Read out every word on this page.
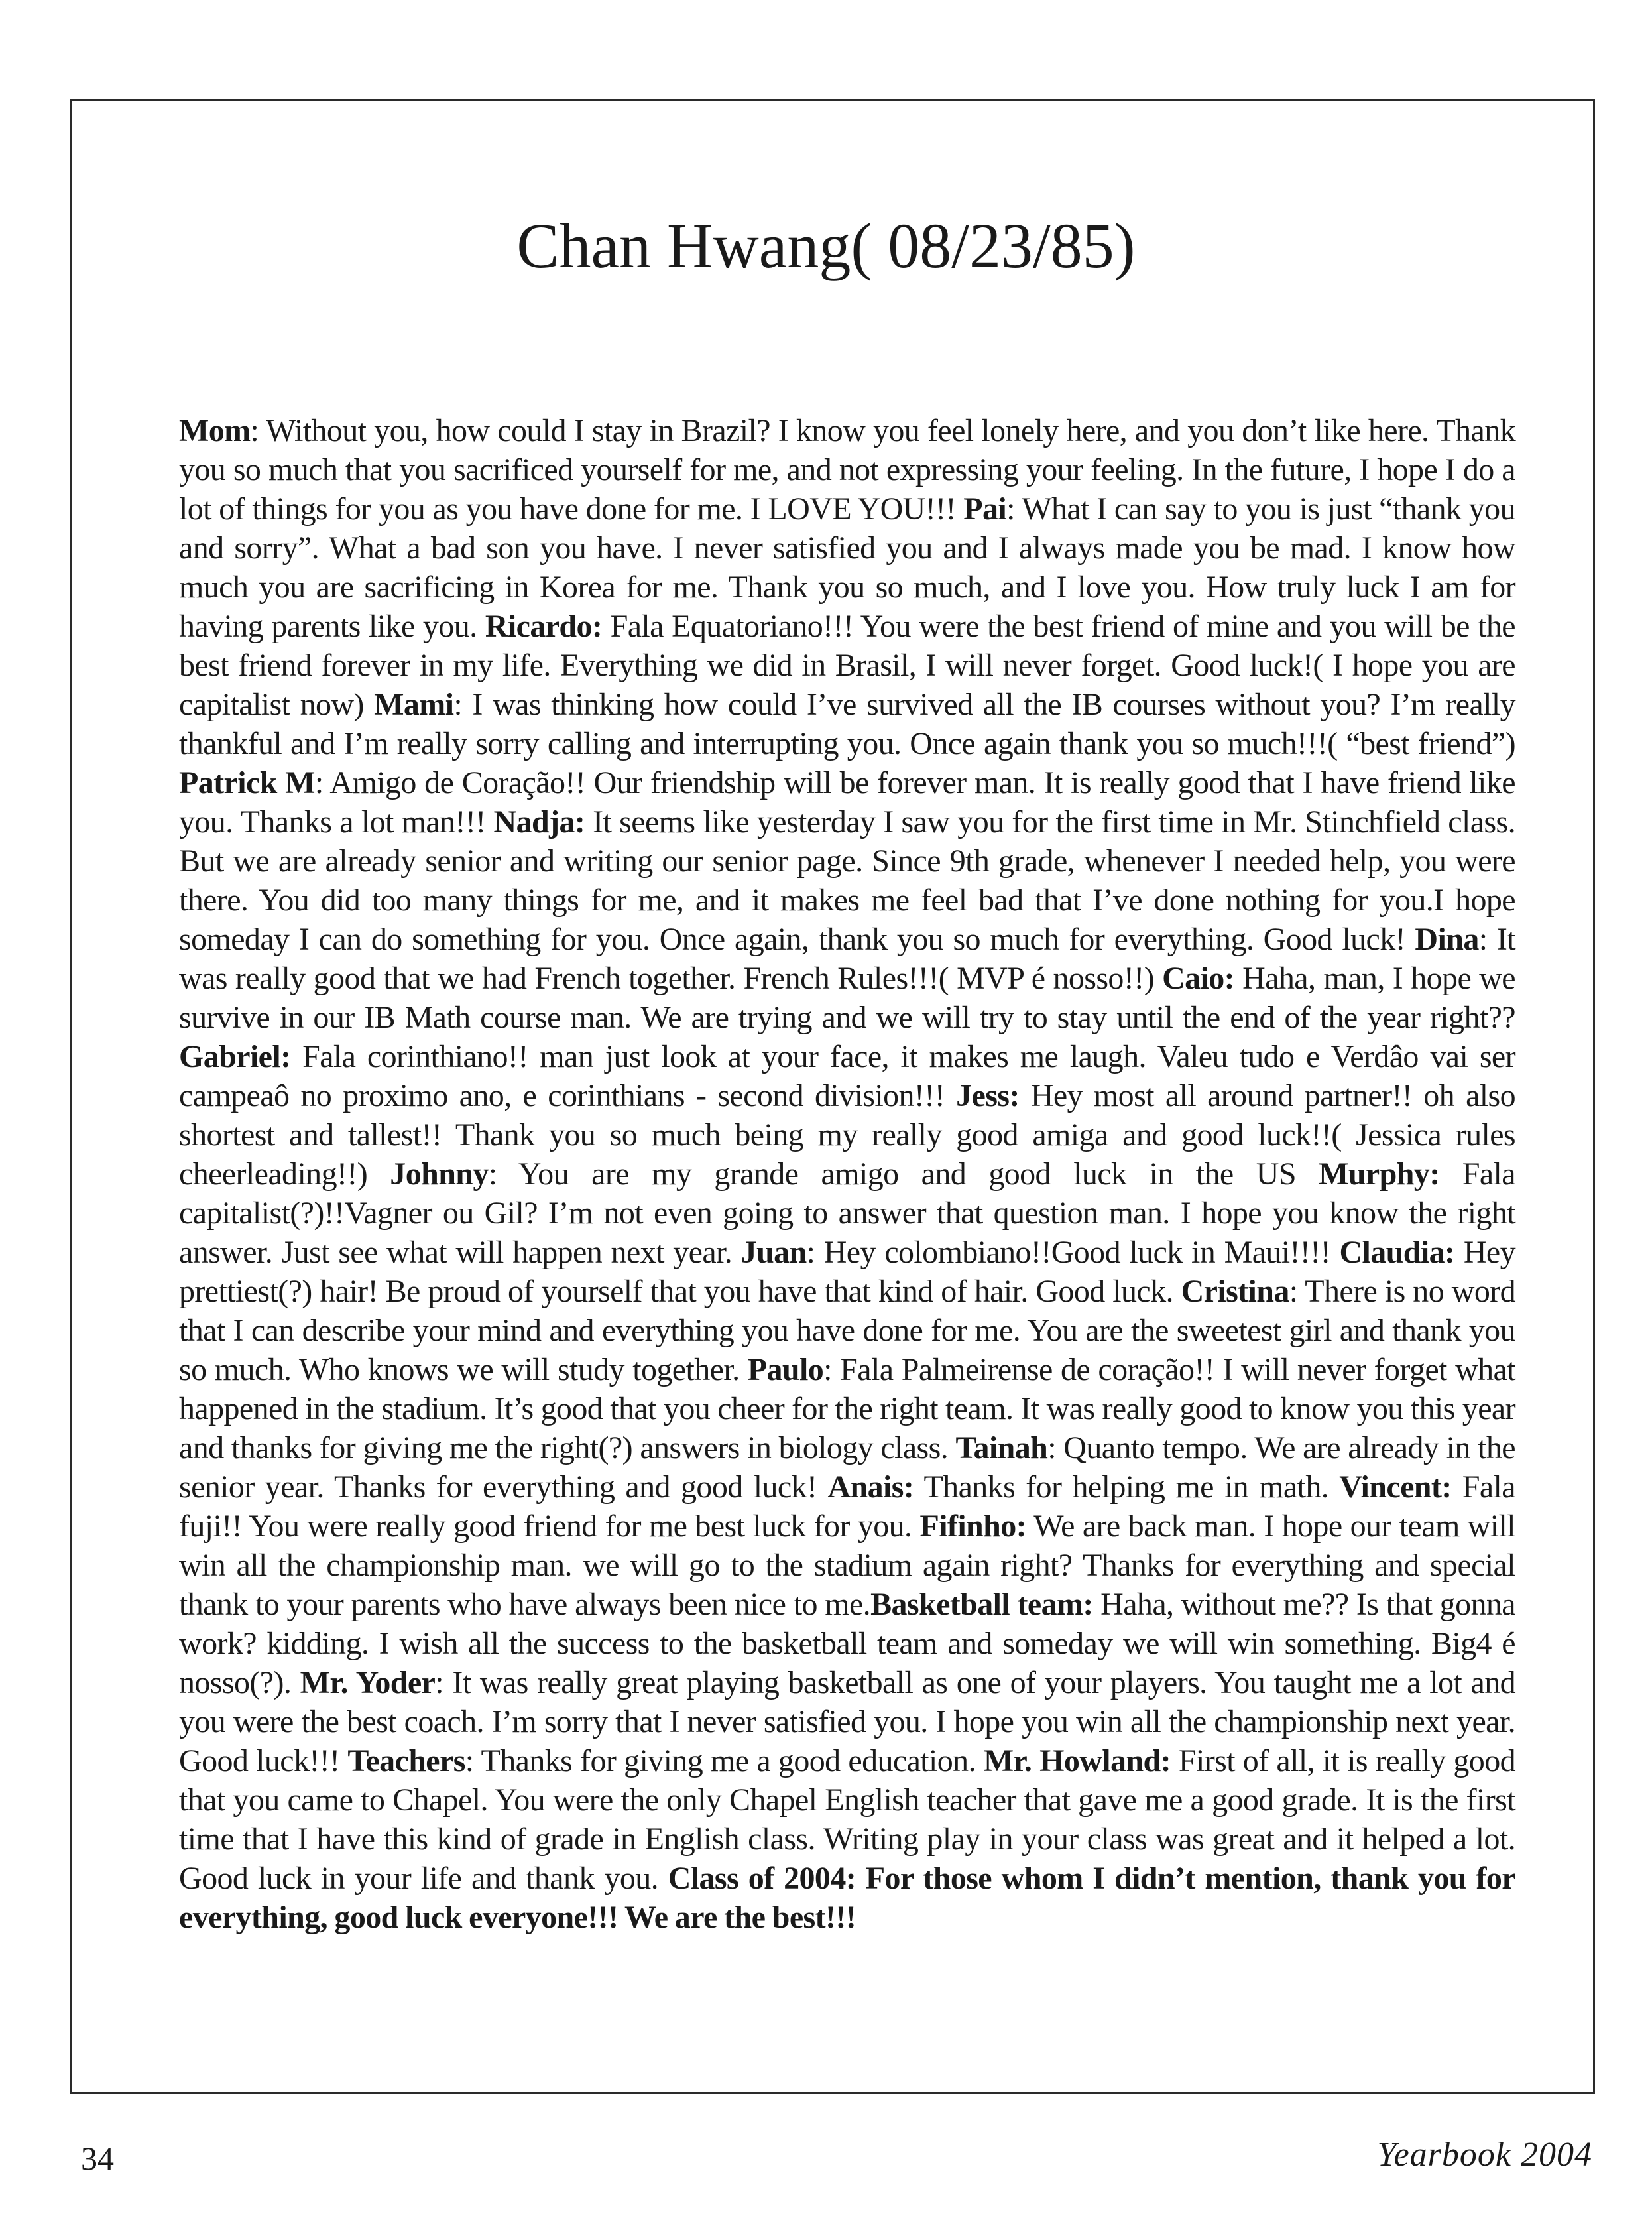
Chan Hwang( 08/23/85)
Mom: Without you, how could I stay in Brazil? I know you feel lonely here, and you don’t like here. Thank you so much that you sacrificed yourself for me, and not expressing your feeling. In the future, I hope I do a lot of things for you as you have done for me. I LOVE YOU!!! Pai: What I can say to you is just “thank you and sorry”. What a bad son you have. I never satisfied you and I always made you be mad. I know how much you are sacrificing in Korea for me. Thank you so much, and I love you. How truly luck I am for having parents like you. Ricardo: Fala Equatoriano!!! You were the best friend of mine and you will be the best friend forever in my life. Everything we did in Brasil, I will never forget. Good luck!( I hope you are capitalist now) Mami: I was thinking how could I’ve survived all the IB courses without you? I’m really thankful and I’m really sorry calling and interrupting you. Once again thank you so much!!!( “best friend”) Patrick M: Amigo de Coração!! Our friendship will be forever man. It is really good that I have friend like you. Thanks a lot man!!! Nadja: It seems like yesterday I saw you for the first time in Mr. Stinchfield class. But we are already senior and writing our senior page. Since 9th grade, whenever I needed help, you were there. You did too many things for me, and it makes me feel bad that I’ve done nothing for you.I hope someday I can do something for you. Once again, thank you so much for everything. Good luck! Dina: It was really good that we had French together. French Rules!!!( MVP é nosso!!) Caio: Haha, man, I hope we survive in our IB Math course man. We are trying and we will try to stay until the end of the year right?? Gabriel: Fala corinthiano!! man just look at your face, it makes me laugh. Valeu tudo e Verdâo vai ser campeaô no proximo ano, e corinthians - second division!!! Jess: Hey most all around partner!! oh also shortest and tallest!! Thank you so much being my really good amiga and good luck!!( Jessica rules cheerleading!!) Johnny: You are my grande amigo and good luck in the US Murphy: Fala capitalist(?)!!Vagner ou Gil? I’m not even going to answer that question man. I hope you know the right answer. Just see what will happen next year. Juan: Hey colombiano!!Good luck in Maui!!!! Claudia: Hey prettiest(?) hair! Be proud of yourself that you have that kind of hair. Good luck. Cristina: There is no word that I can describe your mind and everything you have done for me. You are the sweetest girl and thank you so much. Who knows we will study together. Paulo: Fala Palmeirense de coração!! I will never forget what happened in the stadium. It’s good that you cheer for the right team. It was really good to know you this year and thanks for giving me the right(?) answers in biology class. Tainah: Quanto tempo. We are already in the senior year. Thanks for everything and good luck! Anais: Thanks for helping me in math. Vincent: Fala fuji!! You were really good friend for me best luck for you. Fifinho: We are back man. I hope our team will win all the championship man. we will go to the stadium again right? Thanks for everything and special thank to your parents who have always been nice to me.Basketball team: Haha, without me?? Is that gonna work? kidding. I wish all the success to the basketball team and someday we will win something. Big4 é nosso(?). Mr. Yoder: It was really great playing basketball as one of your players. You taught me a lot and you were the best coach. I’m sorry that I never satisfied you. I hope you win all the championship next year. Good luck!!! Teachers: Thanks for giving me a good education. Mr. Howland: First of all, it is really good that you came to Chapel. You were the only Chapel English teacher that gave me a good grade. It is the first time that I have this kind of grade in English class. Writing play in your class was great and it helped a lot. Good luck in your life and thank you. Class of 2004: For those whom I didn’t mention, thank you for everything, good luck everyone!!! We are the best!!!
34	Yearbook 2004
